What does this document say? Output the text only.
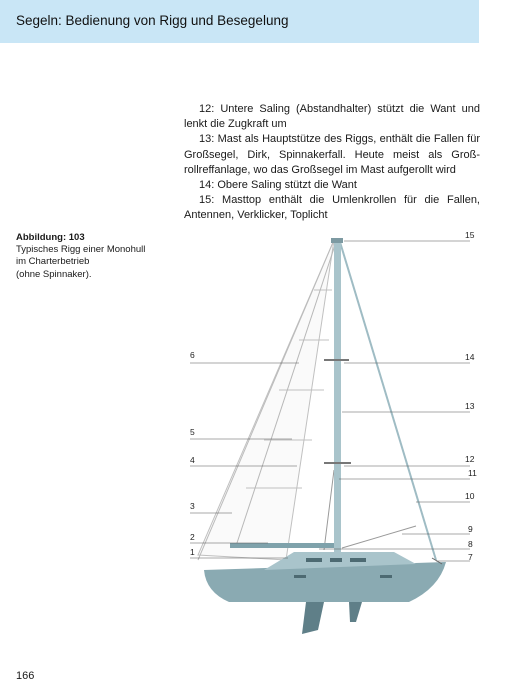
Segeln: Bedienung von Rigg und Besegelung

12: Untere Saling (Abstandhalter) stützt die Want und lenkt die Zugkraft um

13: Mast als Hauptstütze des Riggs, enthält die Fallen für Großsegel, Dirk, Spinnakerfall. Heute meist als Groß-rollreffanlage, wo das Großsegel im Mast aufgerollt wird

14: Obere Saling stützt die Want

15: Masttop enthält die Umlenkrollen für die Fallen, Antennen, Verklicker, Toplicht

Abbildung: 103
Typisches Rigg einer Monohull
im Charterbetrieb
(ohne Spinnaker).
15
6	14
13
5
4	12
11
10
3
9
2
8
1	7
166
